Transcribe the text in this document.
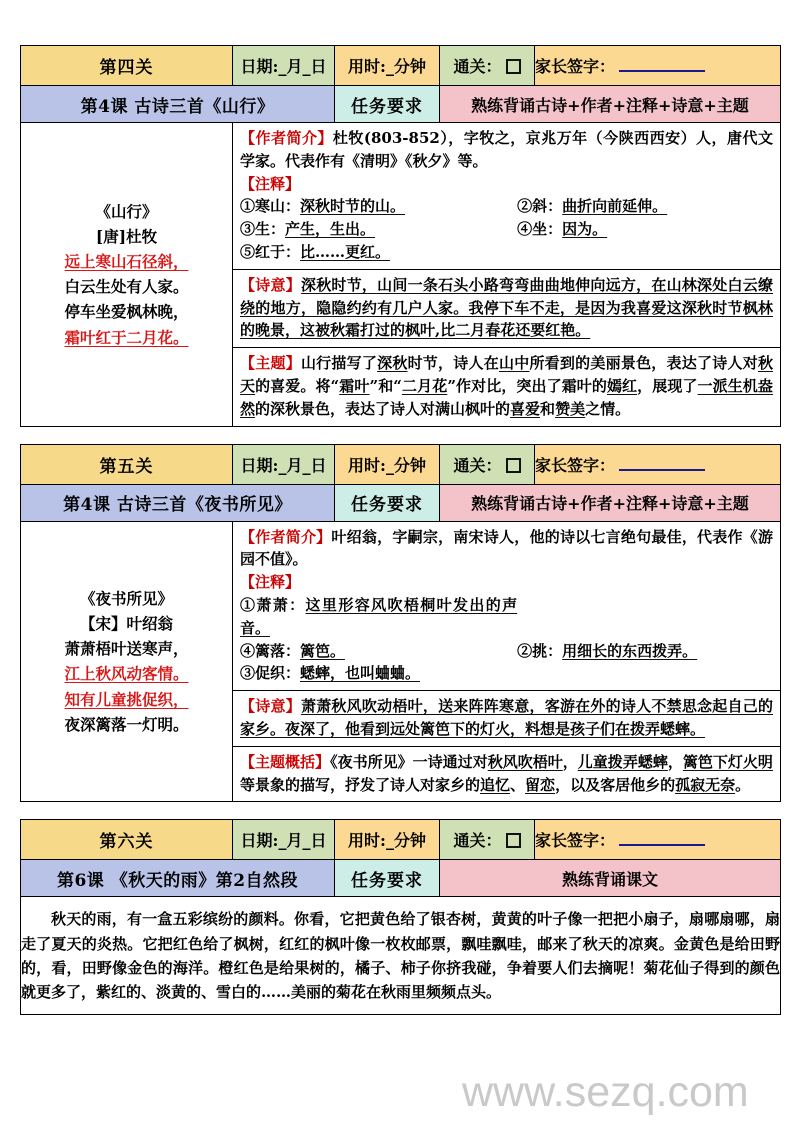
第四关	日期:_月_日	用时:_分钟	通关：	家长签字：
第4课 古诗三首《山行》		任务要求	熟练背诵古诗+作者+注释+诗意+主题	

《山行》
[唐]杜牧
远上寒山石径斜，
白云生处有人家。
停车坐爱枫林晚，
霜叶红于二月花。

【作者简介】杜牧(803-852），字牧之，京兆万年（今陕西西安）人，唐代文学家。代表作有《清明》《秋夕》等。

【注释】

①寒山：深秋时节的山。	②斜：曲折向前延伸。

③生：产生，生出。	④坐：因为。

⑤红于：比……更红。

【诗意】深秋时节，山间一条石头小路弯弯曲曲地伸向远方，在山林深处白云缭绕的地方，隐隐约约有几户人家。我停下车不走，是因为我喜爱这深秋时节枫林的晚景，这被秋霜打过的枫叶,比二月春花还要红艳。

【主题】山行描写了深秋时节，诗人在山中所看到的美丽景色，表达了诗人对秋天的喜爱。将“霜叶”和“二月花”作对比，突出了霜叶的嫣红，展现了一派生机盎然的深秋景色，表达了诗人对满山枫叶的喜爱和赞美之情。

第五关	日期:_月_日	用时:_分钟	通关：	家长签字：
第4课 古诗三首《夜书所见》		任务要求	熟练背诵古诗+作者+注释+诗意+主题	

《夜书所见》
【宋】叶绍翁
萧萧梧叶送寒声，
江上秋风动客情。
知有儿童挑促织，
夜深篱落一灯明。

【作者简介】叶绍翁，字嗣宗，南宋诗人，他的诗以七言绝句最佳，代表作《游园不值》。

【注释】

①萧萧：这里形容风吹梧桐叶发出的声音。

④篱落：篱笆。	②挑：用细长的东西拨弄。

③促织：蟋蟀，也叫蛐蛐。

【诗意】萧萧秋风吹动梧叶，送来阵阵寒意，客游在外的诗人不禁思念起自己的家乡。夜深了，他看到远处篱笆下的灯火，料想是孩子们在拨弄蟋蟀。

【主题概括】《夜书所见》一诗通过对秋风吹梧叶，儿童拨弄蟋蟀，篱笆下灯火明等景象的描写，抒发了诗人对家乡的追忆、留恋，以及客居他乡的孤寂无奈。

第六关	日期:_月_日	用时:_分钟	通关：	家长签字：
第6课 《秋天的雨》第2自然段		任务要求	熟练背诵课文	

秋天的雨，有一盒五彩缤纷的颜料。你看，它把黄色给了银杏树，黄黄的叶子像一把把小扇子，扇哪扇哪，扇走了夏天的炎热。它把红色给了枫树，红红的枫叶像一枚枚邮票，飘哇飘哇，邮来了秋天的凉爽。金黄色是给田野的，看，田野像金色的海洋。橙红色是给果树的，橘子、柿子你挤我碰，争着要人们去摘呢！菊花仙子得到的颜色就更多了，紫红的、淡黄的、雪白的……美丽的菊花在秋雨里频频点头。				

www.sezq.com
